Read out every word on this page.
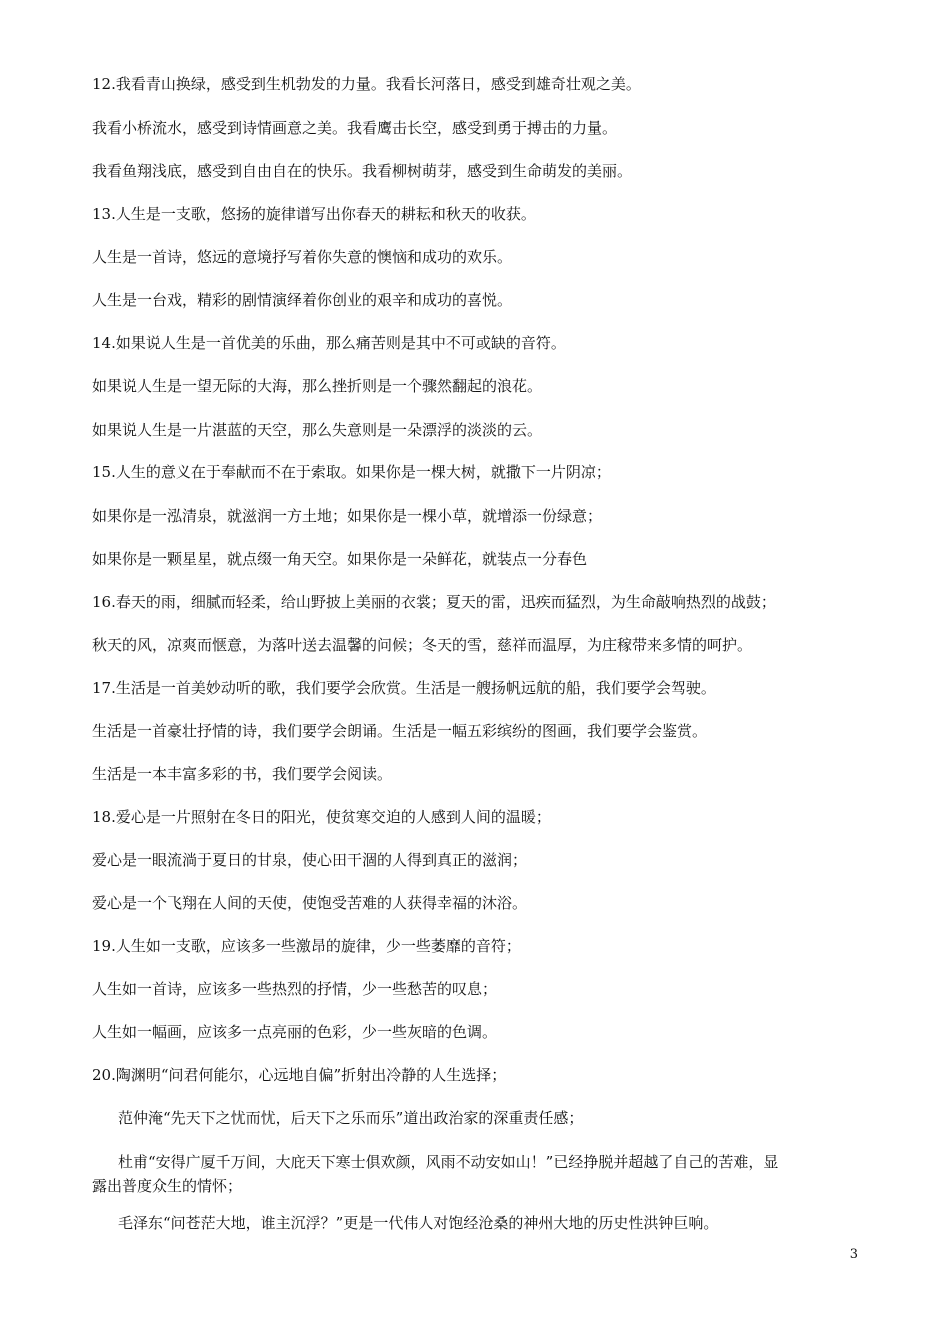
12.我看青山换绿，感受到生机勃发的力量。我看长河落日，感受到雄奇壮观之美。
我看小桥流水，感受到诗情画意之美。我看鹰击长空，感受到勇于搏击的力量。
我看鱼翔浅底，感受到自由自在的快乐。我看柳树萌芽，感受到生命萌发的美丽。
13.人生是一支歌，悠扬的旋律谱写出你春天的耕耘和秋天的收获。
人生是一首诗，悠远的意境抒写着你失意的懊恼和成功的欢乐。
人生是一台戏，精彩的剧情演绎着你创业的艰辛和成功的喜悦。
14.如果说人生是一首优美的乐曲，那么痛苦则是其中不可或缺的音符。
如果说人生是一望无际的大海，那么挫折则是一个骤然翻起的浪花。
如果说人生是一片湛蓝的天空，那么失意则是一朵漂浮的淡淡的云。
15.人生的意义在于奉献而不在于索取。如果你是一棵大树，就撒下一片阴凉；
如果你是一泓清泉，就滋润一方土地；如果你是一棵小草，就增添一份绿意；
如果你是一颗星星，就点缀一角天空。如果你是一朵鲜花，就装点一分春色
16.春天的雨，细腻而轻柔，给山野披上美丽的衣裳；夏天的雷，迅疾而猛烈，为生命敲响热烈的战鼓；
秋天的风，凉爽而惬意，为落叶送去温馨的问候；冬天的雪，慈祥而温厚，为庄稼带来多情的呵护。
17.生活是一首美妙动听的歌，我们要学会欣赏。生活是一艘扬帆远航的船，我们要学会驾驶。
生活是一首豪壮抒情的诗，我们要学会朗诵。生活是一幅五彩缤纷的图画，我们要学会鉴赏。
生活是一本丰富多彩的书，我们要学会阅读。
18.爱心是一片照射在冬日的阳光，使贫寒交迫的人感到人间的温暖；
爱心是一眼流淌于夏日的甘泉，使心田干涸的人得到真正的滋润；
爱心是一个飞翔在人间的天使，使饱受苦难的人获得幸福的沐浴。
19.人生如一支歌，应该多一些激昂的旋律，少一些萎靡的音符；
人生如一首诗，应该多一些热烈的抒情，少一些愁苦的叹息；
人生如一幅画，应该多一点亮丽的色彩，少一些灰暗的色调。
20.陶渊明“问君何能尔，心远地自偏”折射出冷静的人生选择；
范仲淹“先天下之忧而忧，后天下之乐而乐”道出政治家的深重责任感；
杜甫“安得广厦千万间，大庇天下寒士俱欢颜，风雨不动安如山！”已经挣脱并超越了自己的苦难，显
露出普度众生的情怀；
毛泽东“问苍茫大地，谁主沉浮？”更是一代伟人对饱经沧桑的神州大地的历史性洪钟巨响。
3
